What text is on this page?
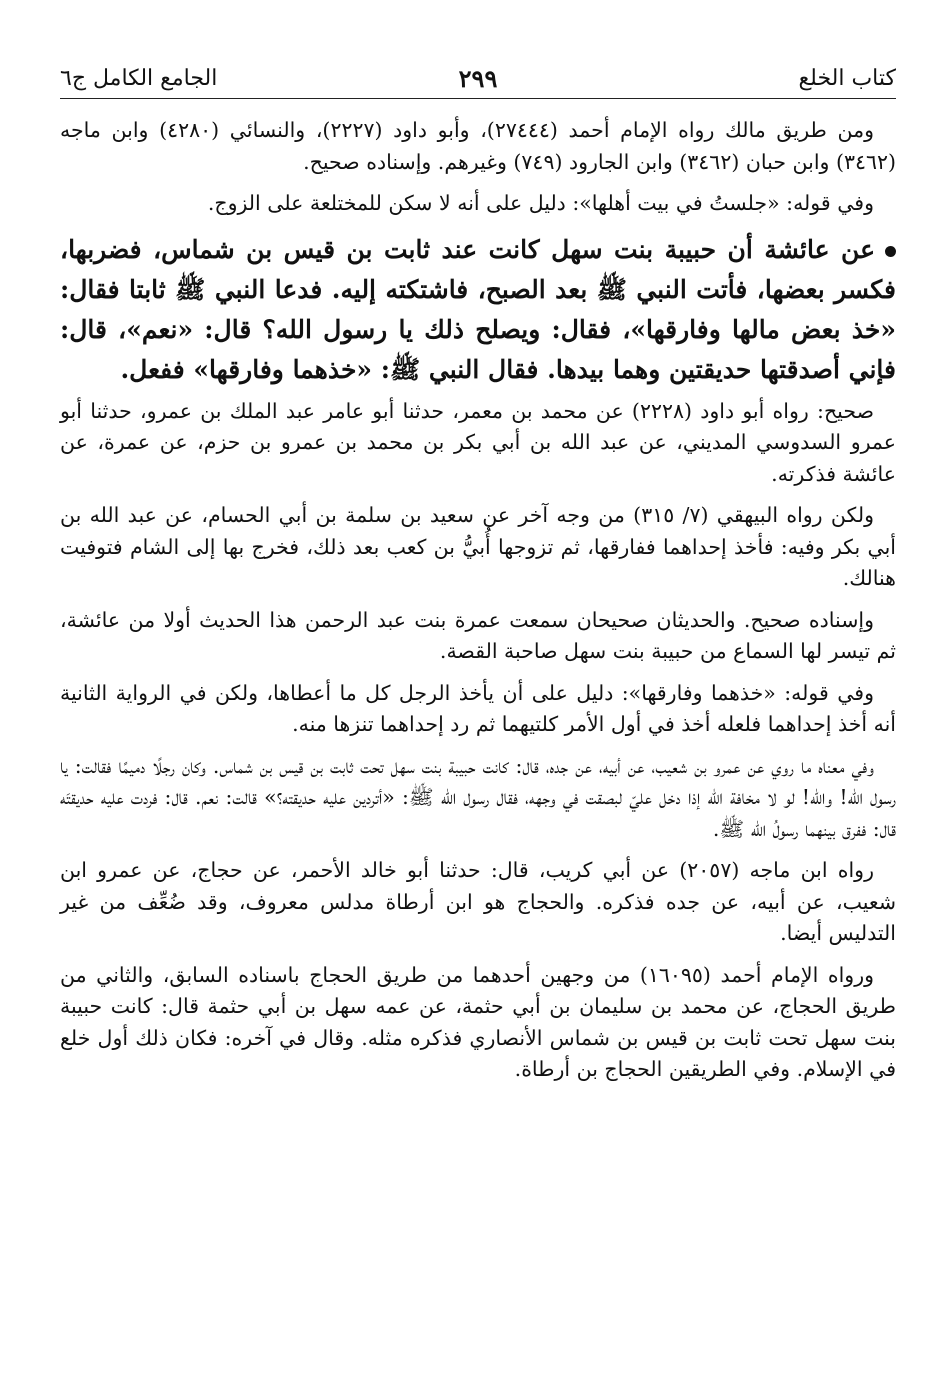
كتاب الخلع
٢٩٩
الجامع الكامل ج٦

ومن طريق مالك رواه الإمام أحمد (٢٧٤٤٤)، وأبو داود (٢٢٢٧)، والنسائي (٤٢٨٠) وابن ماجه (٣٤٦٢) وابن حبان (٣٤٦٢) وابن الجارود (٧٤٩) وغيرهم. وإسناده صحيح.

وفي قوله: «جلستُ في بيت أهلها»: دليل على أنه لا سكن للمختلعة على الزوج.

عن عائشة أن حبيبة بنت سهل كانت عند ثابت بن قيس بن شماس، فضربها، فكسر بعضها، فأتت النبي ﷺ بعد الصبح، فاشتكته إليه. فدعا النبي ﷺ ثابتا فقال: «خذ بعض مالها وفارقها»، فقال: ويصلح ذلك يا رسول الله؟ قال: «نعم»، قال: فإني أصدقتها حديقتين وهما بيدها. فقال النبي ﷺ: «خذهما وفارقها» ففعل.

صحيح: رواه أبو داود (٢٢٢٨) عن محمد بن معمر، حدثنا أبو عامر عبد الملك بن عمرو، حدثنا أبو عمرو السدوسي المديني، عن عبد الله بن أبي بكر بن محمد بن عمرو بن حزم، عن عمرة، عن عائشة فذكرته.

ولكن رواه البيهقي (٧/ ٣١٥) من وجه آخر عن سعيد بن سلمة بن أبي الحسام، عن عبد الله بن أبي بكر وفيه: فأخذ إحداهما ففارقها، ثم تزوجها أُبيُّ بن كعب بعد ذلك، فخرج بها إلى الشام فتوفيت هنالك.

وإسناده صحيح. والحديثان صحيحان سمعت عمرة بنت عبد الرحمن هذا الحديث أولا من عائشة، ثم تيسر لها السماع من حبيبة بنت سهل صاحبة القصة.

وفي قوله: «خذهما وفارقها»: دليل على أن يأخذ الرجل كل ما أعطاها، ولكن في الرواية الثانية أنه أخذ إحداهما فلعله أخذ في أول الأمر كلتيهما ثم رد إحداهما تنزها منه.

وفي معناه ما روي عن عمرو بن شعيب، عن أبيه، عن جده، قال: كانت حبيبة بنت سهل تحت ثابت بن قيس بن شماس. وكان رجلًا دميمًا فقالت: يا رسول الله! والله! لو لا مخافة الله إذا دخل عليّ لبصقت في وجهه، فقال رسول الله ﷺ: «أتردين عليه حديقته؟» قالت: نعم. قال: فردت عليه حديقتَه قال: ففرق بينهما رسولُ الله ﷺ.

رواه ابن ماجه (٢٠٥٧) عن أبي كريب، قال: حدثنا أبو خالد الأحمر، عن حجاج، عن عمرو ابن شعيب، عن أبيه، عن جده فذكره. والحجاج هو ابن أرطاة مدلس معروف، وقد ضُعِّف من غير التدليس أيضا.

ورواه الإمام أحمد (١٦٠٩٥) من وجهين أحدهما من طريق الحجاج باسناده السابق، والثاني من طريق الحجاج، عن محمد بن سليمان بن أبي حثمة، عن عمه سهل بن أبي حثمة قال: كانت حبيبة بنت سهل تحت ثابت بن قيس بن شماس الأنصاري فذكره مثله. وقال في آخره: فكان ذلك أول خلع في الإسلام. وفي الطريقين الحجاج بن أرطاة.
